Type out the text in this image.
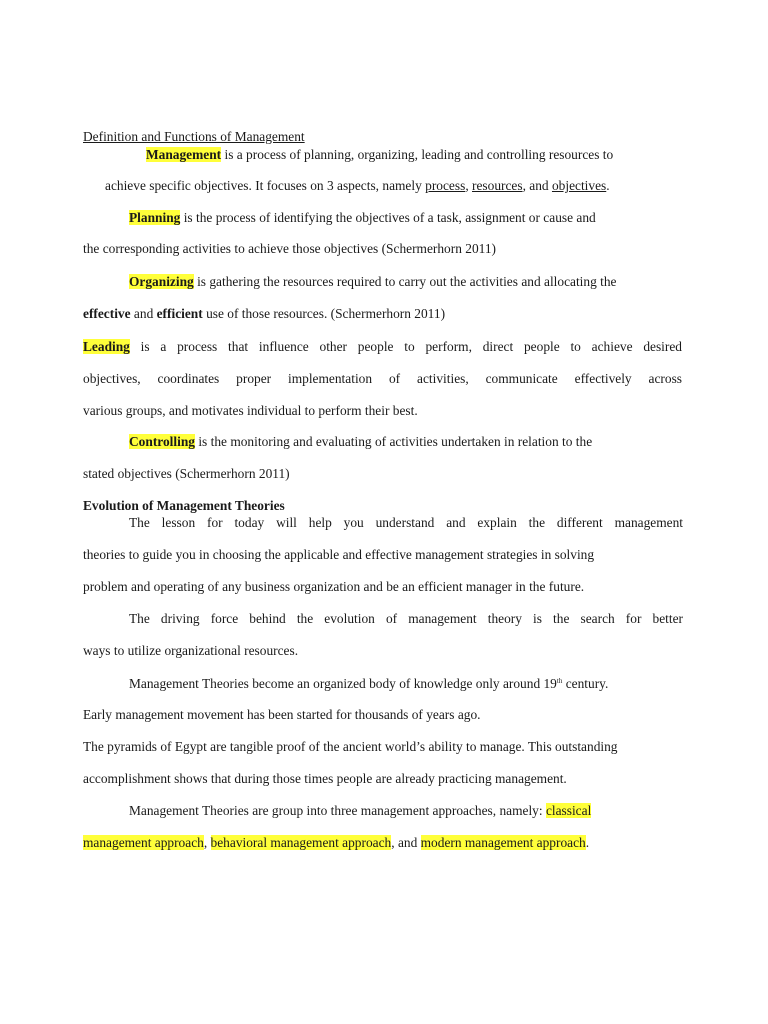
Definition and Functions of Management
Management is a process of planning, organizing, leading and controlling resources to
achieve specific objectives. It focuses on 3 aspects, namely process, resources, and objectives.
Planning is the process of identifying the objectives of a task, assignment or cause and
the corresponding activities to achieve those objectives (Schermerhorn 2011)
Organizing is gathering the resources required to carry out the activities and allocating the
effective and efficient use of those resources. (Schermerhorn 2011)
Leading is a process that influence other people to perform, direct people to achieve desired
objectives, coordinates proper implementation of activities, communicate effectively across
various groups, and motivates individual to perform their best.
Controlling is the monitoring and evaluating of activities undertaken in relation to the
stated objectives (Schermerhorn 2011)
Evolution of Management Theories
The lesson for today will help you understand and explain the different management
theories to guide you in choosing the applicable and effective management strategies in solving
problem and operating of any business organization and be an efficient manager in the future.
The driving force behind the evolution of management theory is the search for better
ways to utilize organizational resources.
Management Theories become an organized body of knowledge only around 19th century.
Early management movement has been started for thousands of years ago.
The pyramids of Egypt are tangible proof of the ancient world’s ability to manage. This outstanding
accomplishment shows that during those times people are already practicing management.
Management Theories are group into three management approaches, namely: classical
management approach, behavioral management approach, and modern management approach.
